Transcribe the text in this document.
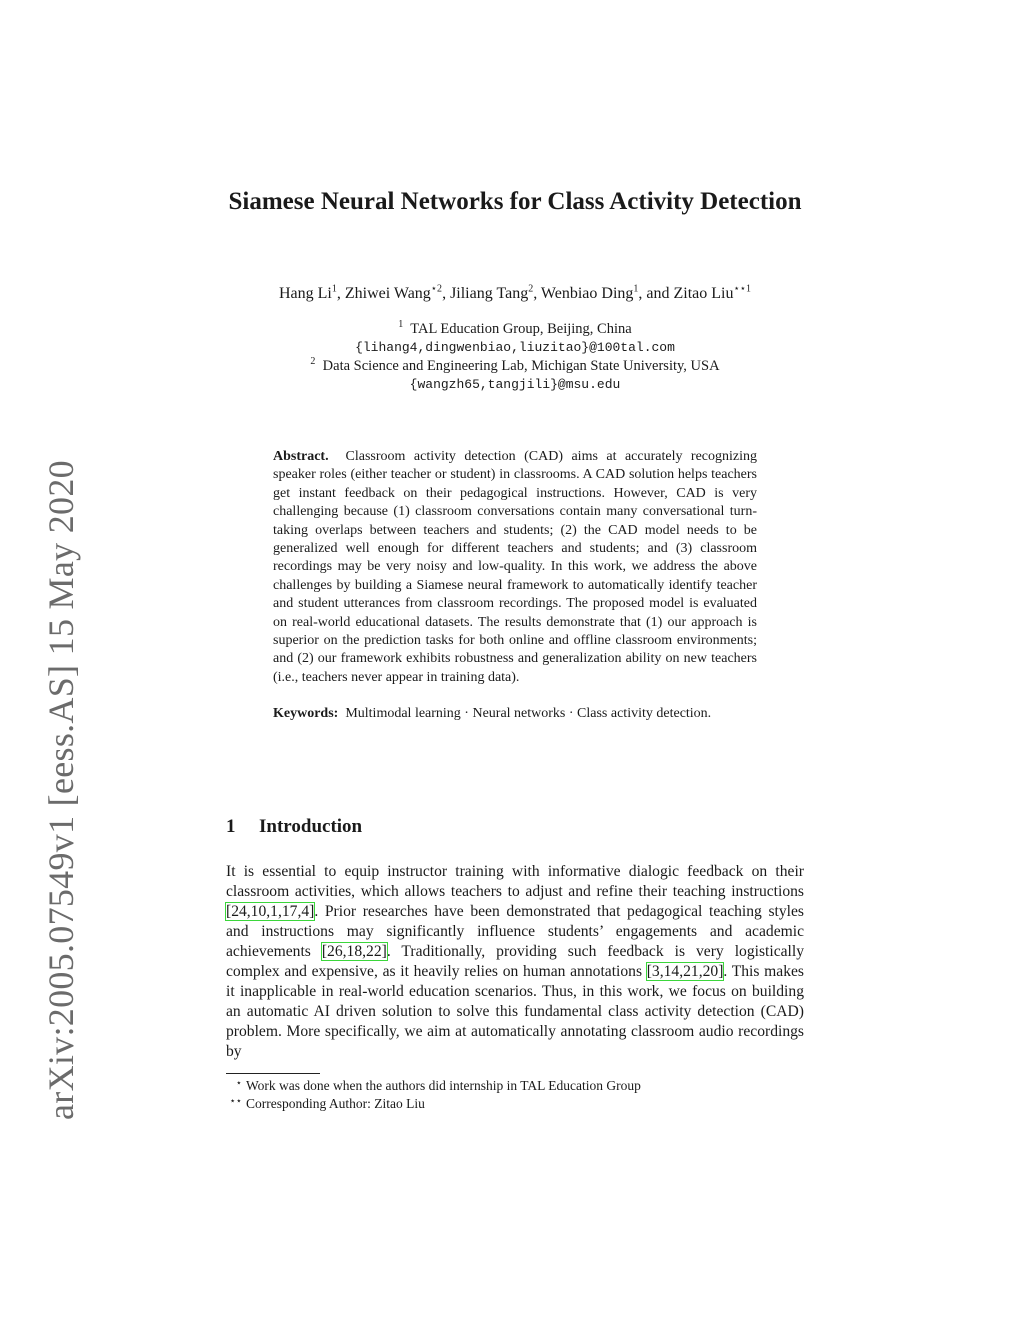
arXiv:2005.07549v1 [eess.AS] 15 May 2020
Siamese Neural Networks for Class Activity Detection
Hang Li$^1$, Zhiwei Wang$^{⋆2}$, Jiliang Tang$^2$, Wenbiao Ding$^1$, and Zitao Liu$^{⋆⋆1}$
$^1$ TAL Education Group, Beijing, China
{lihang4,dingwenbiao,liuzitao}@100tal.com
$^2$ Data Science and Engineering Lab, Michigan State University, USA
{wangzh65,tangjili}@msu.edu

Abstract. Classroom activity detection (CAD) aims at accurately recognizing speaker roles (either teacher or student) in classrooms. A CAD solution helps teachers get instant feedback on their pedagogical instructions. However, CAD is very challenging because (1) classroom conversations contain many conversational turn-taking overlaps between teachers and students; (2) the CAD model needs to be generalized well enough for different teachers and students; and (3) classroom recordings may be very noisy and low-quality. In this work, we address the above challenges by building a Siamese neural framework to automatically identify teacher and student utterances from classroom recordings. The proposed model is evaluated on real-world educational datasets. The results demonstrate that (1) our approach is superior on the prediction tasks for both online and offline classroom environments; and (2) our framework exhibits robustness and generalization ability on new teachers (i.e., teachers never appear in training data).

Keywords: Multimodal learning · Neural networks · Class activity detection.

1 Introduction

It is essential to equip instructor training with informative dialogic feedback on their classroom activities, which allows teachers to adjust and refine their teaching instructions [24,10,1,17,4]. Prior researches have been demonstrated that pedagogical teaching styles and instructions may significantly influence students’ engagements and academic achievements [26,18,22]. Traditionally, providing such feedback is very logistically complex and expensive, as it heavily relies on human annotations [3,14,21,20]. This makes it inapplicable in real-world education scenarios. Thus, in this work, we focus on building an automatic AI driven solution to solve this fundamental class activity detection (CAD) problem. More specifically, we aim at automatically annotating classroom audio recordings by

⋆ Work was done when the authors did internship in TAL Education Group
⋆⋆ Corresponding Author: Zitao Liu
